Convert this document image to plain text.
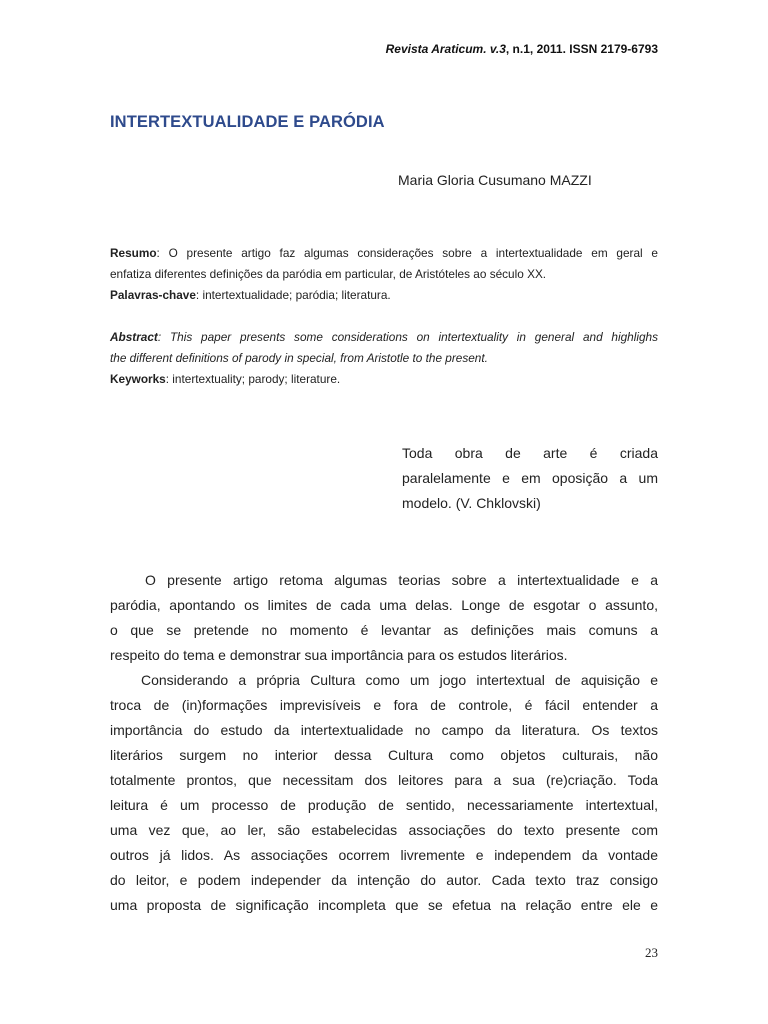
Revista Araticum. v.3, n.1, 2011. ISSN 2179-6793
INTERTEXTUALIDADE E PARÓDIA
Maria Gloria Cusumano MAZZI
Resumo: O presente artigo faz algumas considerações sobre a intertextualidade em geral e
enfatiza diferentes definições da paródia em particular, de Aristóteles ao século XX.
Palavras-chave: intertextualidade; paródia; literatura.
Abstract: This paper presents some considerations on intertextuality in general and highlighs
the different definitions of parody in special, from Aristotle to the present.
Keyworks: intertextuality; parody; literature.
Toda obra de arte é criada
paralelamente e em oposição a um
modelo. (V. Chklovski)
O presente artigo retoma algumas teorias sobre a intertextualidade e a
paródia, apontando os limites de cada uma delas. Longe de esgotar o assunto,
o que se pretende no momento é levantar as definições mais comuns a
respeito do tema e demonstrar sua importância para os estudos literários.
Considerando a própria Cultura como um jogo intertextual de aquisição e
troca de (in)formações imprevisíveis e fora de controle, é fácil entender a
importância do estudo da intertextualidade no campo da literatura. Os textos
literários surgem no interior dessa Cultura como objetos culturais, não
totalmente prontos, que necessitam dos leitores para a sua (re)criação. Toda
leitura é um processo de produção de sentido, necessariamente intertextual,
uma vez que, ao ler, são estabelecidas associações do texto presente com
outros já lidos. As associações ocorrem livremente e independem da vontade
do leitor, e podem independer da intenção do autor. Cada texto traz consigo
uma proposta de significação incompleta que se efetua na relação entre ele e
23
